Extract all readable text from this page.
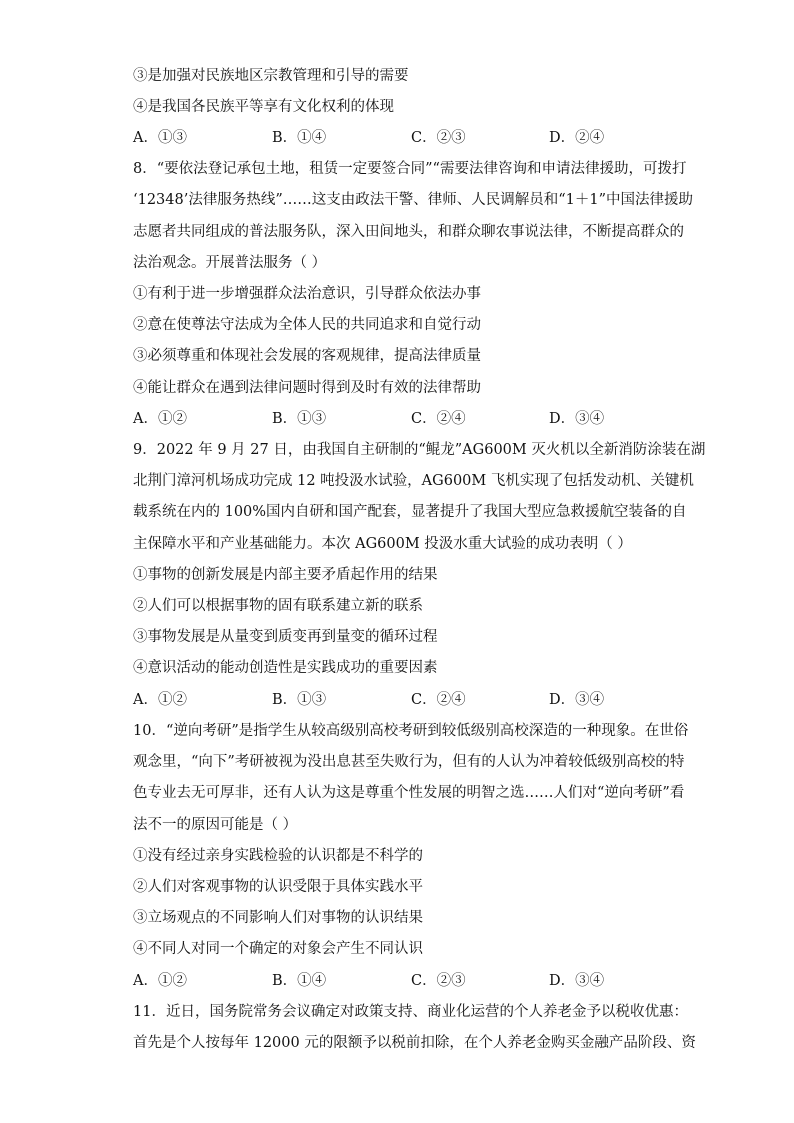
③是加强对民族地区宗教管理和引导的需要
④是我国各民族平等享有文化权利的体现
A．①③	B．①④	C．②③	D．②④
8．“要依法登记承包土地，租赁一定要签合同”“需要法律咨询和申请法律援助，可拨打
‘12348’法律服务热线”……这支由政法干警、律师、人民调解员和“1＋1”中国法律援助
志愿者共同组成的普法服务队，深入田间地头，和群众聊农事说法律，不断提高群众的
法治观念。开展普法服务（ ）
①有利于进一步增强群众法治意识，引导群众依法办事
②意在使尊法守法成为全体人民的共同追求和自觉行动
③必须尊重和体现社会发展的客观规律，提高法律质量
④能让群众在遇到法律问题时得到及时有效的法律帮助
A．①②	B．①③	C．②④	D．③④
9．2022 年 9 月 27 日，由我国自主研制的“鲲龙”AG600M 灭火机以全新消防涂装在湖
北荆门漳河机场成功完成 12 吨投汲水试验，AG600M 飞机实现了包括发动机、关键机
载系统在内的 100%国内自研和国产配套，显著提升了我国大型应急救援航空装备的自
主保障水平和产业基础能力。本次 AG600M 投汲水重大试验的成功表明（ ）
①事物的创新发展是内部主要矛盾起作用的结果
②人们可以根据事物的固有联系建立新的联系
③事物发展是从量变到质变再到量变的循环过程
④意识活动的能动创造性是实践成功的重要因素
A．①②	B．①③	C．②④	D．③④
10．“逆向考研”是指学生从较高级别高校考研到较低级别高校深造的一种现象。在世俗
观念里，“向下”考研被视为没出息甚至失败行为，但有的人认为冲着较低级别高校的特
色专业去无可厚非，还有人认为这是尊重个性发展的明智之选……人们对“逆向考研”看
法不一的原因可能是（ ）
①没有经过亲身实践检验的认识都是不科学的
②人们对客观事物的认识受限于具体实践水平
③立场观点的不同影响人们对事物的认识结果
④不同人对同一个确定的对象会产生不同认识
A．①②	B．①④	C．②③	D．③④
11．近日，国务院常务会议确定对政策支持、商业化运营的个人养老金予以税收优惠：
首先是个人按每年 12000 元的限额予以税前扣除，在个人养老金购买金融产品阶段、资
